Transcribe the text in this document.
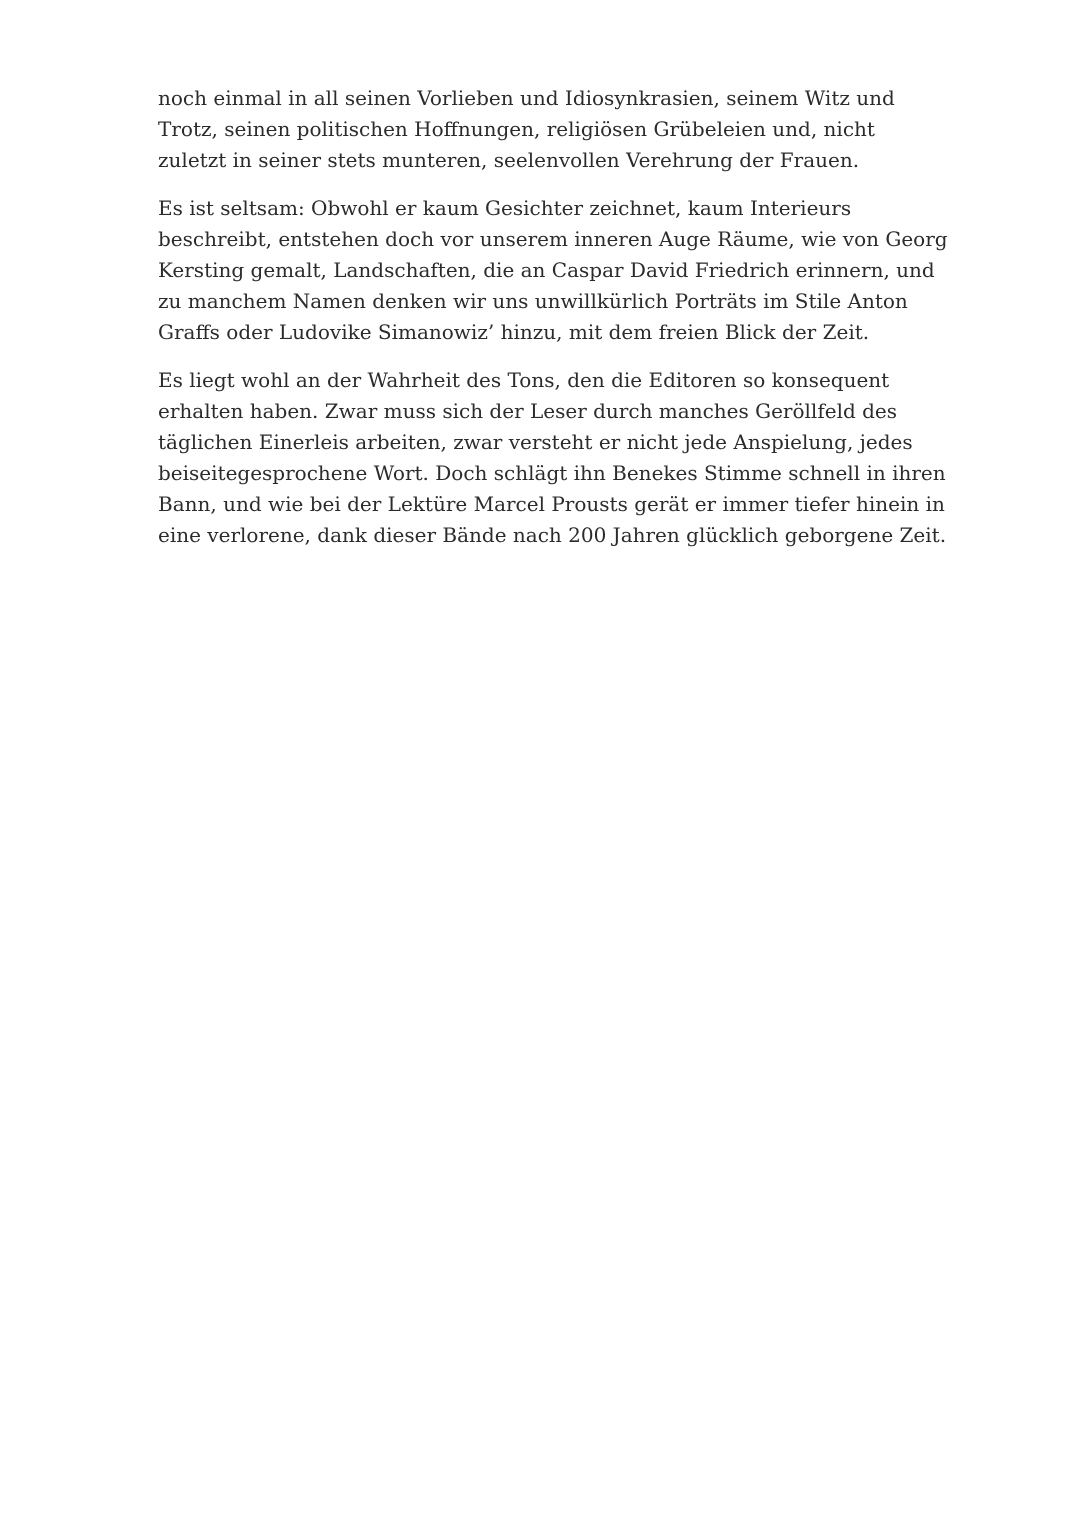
noch einmal in all seinen Vorlieben und Idiosynkrasien, seinem Witz und
Trotz, seinen politischen Hoffnungen, religiösen Grübeleien und, nicht
zuletzt in seiner stets munteren, seelenvollen Verehrung der Frauen.

Es ist seltsam: Obwohl er kaum Gesichter zeichnet, kaum Interieurs
beschreibt, entstehen doch vor unserem inneren Auge Räume, wie von Georg
Kersting gemalt, Landschaften, die an Caspar David Friedrich erinnern, und
zu manchem Namen denken wir uns unwillkürlich Porträts im Stile Anton
Graffs oder Ludovike Simanowiz’ hinzu, mit dem freien Blick der Zeit.

Es liegt wohl an der Wahrheit des Tons, den die Editoren so konsequent
erhalten haben. Zwar muss sich der Leser durch manches Geröllfeld des
täglichen Einerleis arbeiten, zwar versteht er nicht jede Anspielung, jedes
beiseitegesprochene Wort. Doch schlägt ihn Benekes Stimme schnell in ihren
Bann, und wie bei der Lektüre Marcel Prousts gerät er immer tiefer hinein in
eine verlorene, dank dieser Bände nach 200 Jahren glücklich geborgene Zeit.
